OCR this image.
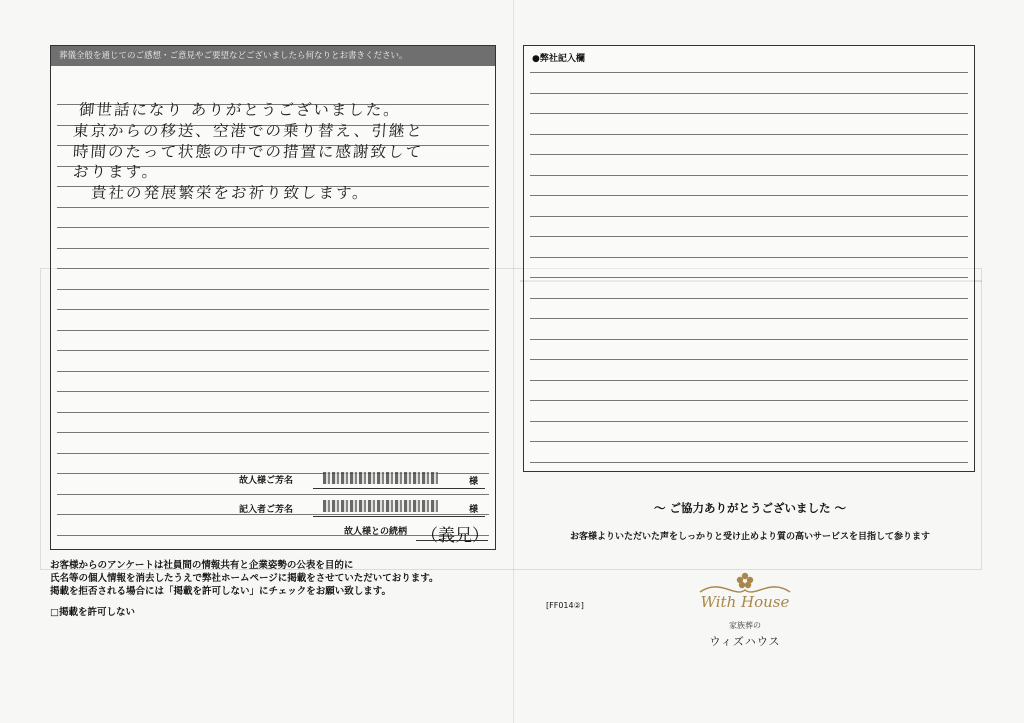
葬儀全般を通じてのご感想・ご意見やご要望などございましたら何なりとお書きください。
御世話になり ありがとうございました。
東京からの移送、空港での乗り替え、引継と
時間のたって状態の中での措置に感謝致して
おります。
貴社の発展繁栄をお祈り致します。
故人様ご芳名	様
記入者ご芳名	様
故人様との続柄 （義兄）
お客様からのアンケートは社員間の情報共有と企業姿勢の公表を目的に
氏名等の個人情報を消去したうえで弊社ホームページに掲載をさせていただいております。
掲載を拒否される場合には「掲載を許可しない」にチェックをお願い致します。
□掲載を許可しない
●弊社記入欄
～ ご協力ありがとうございました ～
お客様よりいただいた声をしっかりと受け止めより質の高いサービスを目指して参ります
[FF014②]	With House
家族葬の
ウィズハウス
